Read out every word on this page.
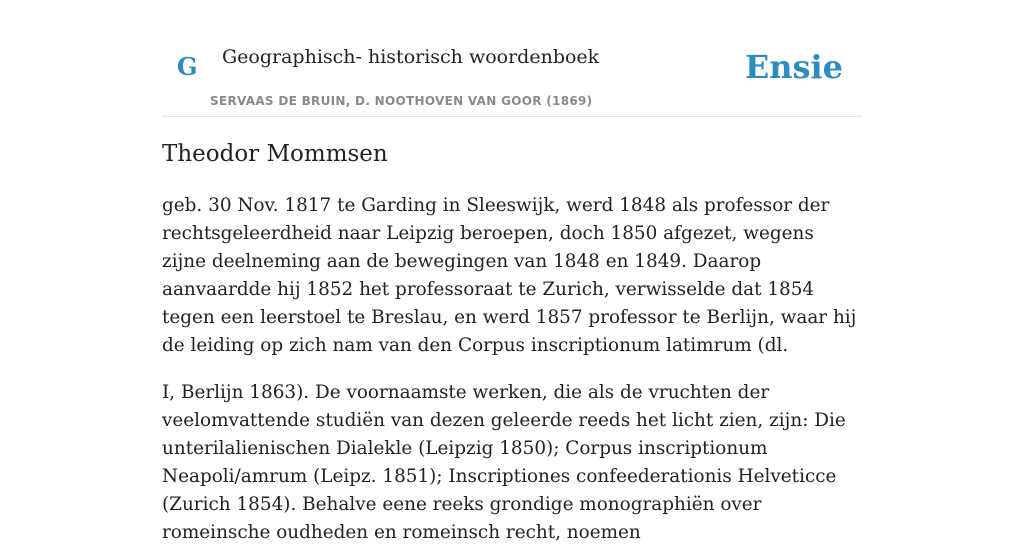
G Geographisch- historisch woordenboek
SERVAAS DE BRUIN, D. NOOTHOVEN VAN GOOR (1869)
Ensie
Theodor Mommsen

geb. 30 Nov. 1817 te Garding in Sleeswijk, werd 1848 als professor der rechtsgeleerdheid naar Leipzig beroepen, doch 1850 afgezet, wegens zijne deelneming aan de bewegingen van 1848 en 1849. Daarop aanvaardde hij 1852 het professoraat te Zurich, verwisselde dat 1854 tegen een leerstoel te Breslau, en werd 1857 professor te Berlijn, waar hij de leiding op zich nam van den Corpus inscriptionum latimrum (dl.

I, Berlijn 1863). De voornaamste werken, die als de vruchten der veelomvattende studiën van dezen geleerde reeds het licht zien, zijn: Die unterilalienischen Dialekle (Leipzig 1850); Corpus inscriptionum Neapoli/amrum (Leipz. 1851); Inscriptiones confeederationis Helveticce (Zurich 1854). Behalve eene reeks grondige monographiën over romeinsche oudheden en romeinsch recht, noemen
